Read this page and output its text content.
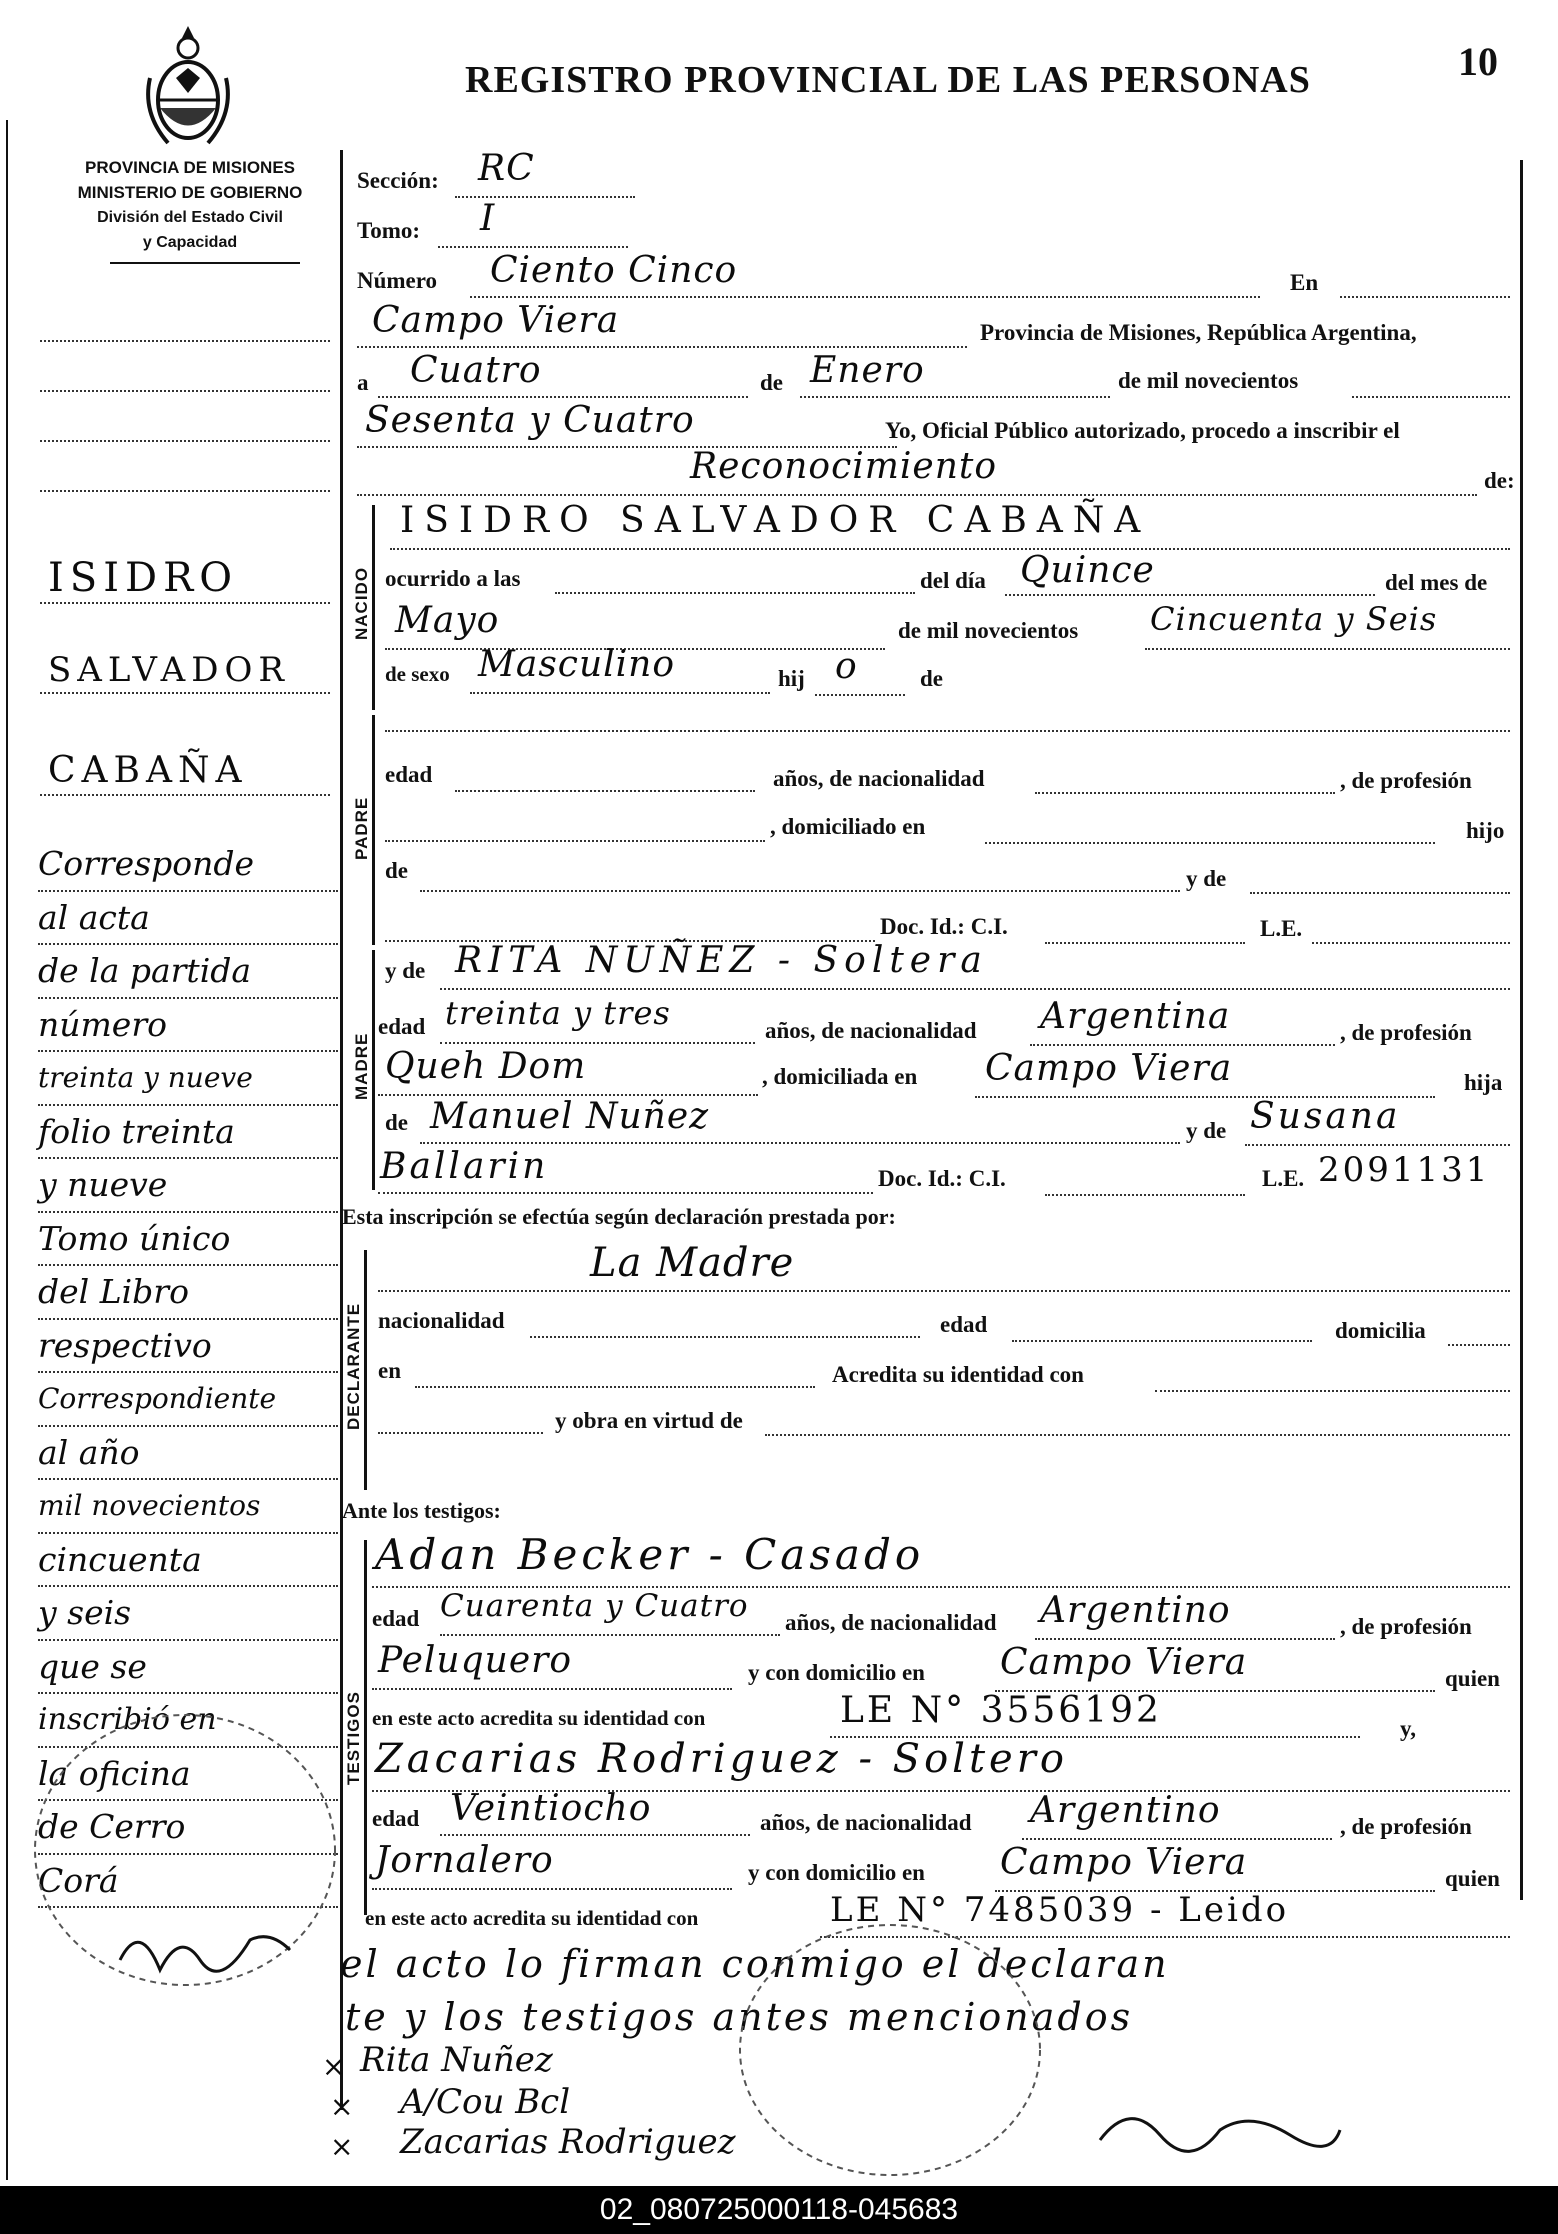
REGISTRO PROVINCIAL DE LAS PERSONAS	10
PROVINCIA DE MISIONES
MINISTERIO DE GOBIERNO
División del Estado Civil
y Capacidad
Sección: RC
Tomo: I
Número Ciento Cinco	En
Campo Viera	Provincia de Misiones, República Argentina,
a Cuatro	de Enero	de mil novecientos
Sesenta y Cuatro	Yo, Oficial Público autorizado, procedo a inscribir el
Reconocimiento	de:
NACIDO
ISIDRO SALVADOR CABAÑA
ocurrido a las	del día Quince	del mes de
Mayo	de mil novecientos Cincuenta y Seis
de sexo Masculino	hij o	de
PADRE
edad	años, de nacionalidad	, de profesión
, domiciliado en	hijo
de	y de
Doc. Id.: C.I.	L.E.
MADRE
y de RITA NUÑEZ - Soltera
edad treinta y tres	años, de nacionalidad Argentina	, de profesión
Queh Dom	, domiciliada en Campo Viera	hija
de Manuel Nuñez	y de Susana
Ballarin	Doc. Id.: C.I.	L.E. 2091131
Esta inscripción se efectúa según declaración prestada por:
DECLARANTE
La Madre
nacionalidad	edad	domicilia
en	Acredita su identidad con
y obra en virtud de
Ante los testigos:
TESTIGOS
Adan Becker - Casado
edad Cuarenta y Cuatro años, de nacionalidad Argentino	, de profesión
Peluquero	y con domicilio en Campo Viera	quien
en este acto acredita su identidad con	LE N° 3556192	y,
Zacarias Rodriguez - Soltero
edad Veintiocho	años, de nacionalidad Argentino	, de profesión
Jornalero	y con domicilio en Campo Viera	quien
en este acto acredita su identidad con	LE N° 7485039 - Leido
el acto lo firman conmigo el declaran
te y los testigos antes mencionados
Rita Nuñez
A/Cou Bcl
Zacarias Rodriguez
×
×
×
ISIDRO
SALVADOR
CABAÑA
Corresponde
al acta
de la partida
número
treinta y nueve
folio treinta
y nueve
Tomo único
del Libro
respectivo
Correspondiente
al año
mil novecientos
cincuenta
y seis
que se
inscribió en
la oficina
de Cerro
Corá
02_080725000118-045683
